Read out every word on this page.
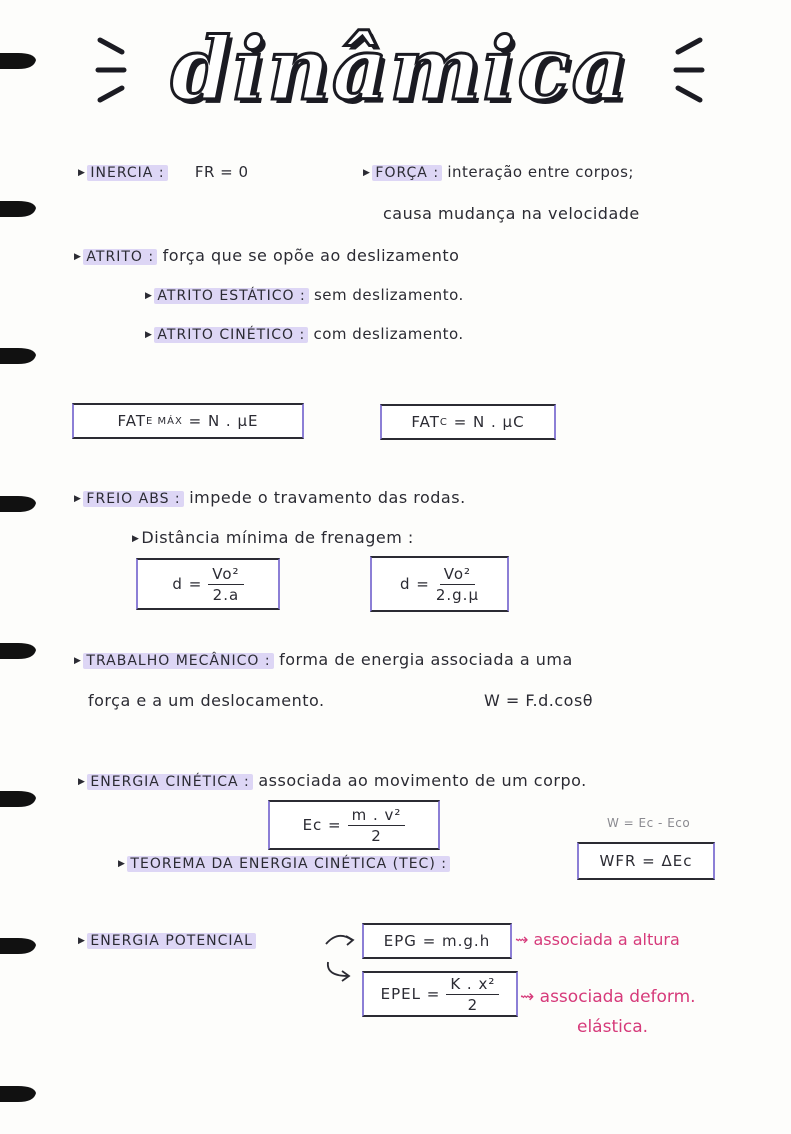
dinâmica
▶ INERCIA : FR = 0	▶ FORÇA : interação entre corpos;
causa mudança na velocidade
▶ ATRITO : força que se opõe ao deslizamento
▶ ATRITO ESTÁTICO : sem deslizamento.
▶ ATRITO CINÉTICO : com deslizamento.
FAT E MÁX
= N . μE	FAT C
= N . μC
▶ FREIO ABS : impede o travamento das rodas.
▶ Distância mínima de frenagem :
$d = \frac{\text{Vo²}}{2.a}$	$d = \frac{\text{Vo²}}{2.g.\mu}$
▶ TRABALHO MECÂNICO : forma de energia associada a uma
força e a um deslocamento.	W = F.d.cosθ
▶ ENERGIA CINÉTICA : associada ao movimento de um corpo.
$Ec = \frac{\text{m . v²}}{2}$	W = Ec - Eco
▶ TEOREMA DA ENERGIA CINÉTICA (TEC) :	WFR = ΔEc
▶ ENERGIA POTENCIAL	EPG = m.g.h	⇝ associada a altura
EPEL = $\frac{\text{K . x²}}{2}$ ⇝ associada deform.
elástica.
